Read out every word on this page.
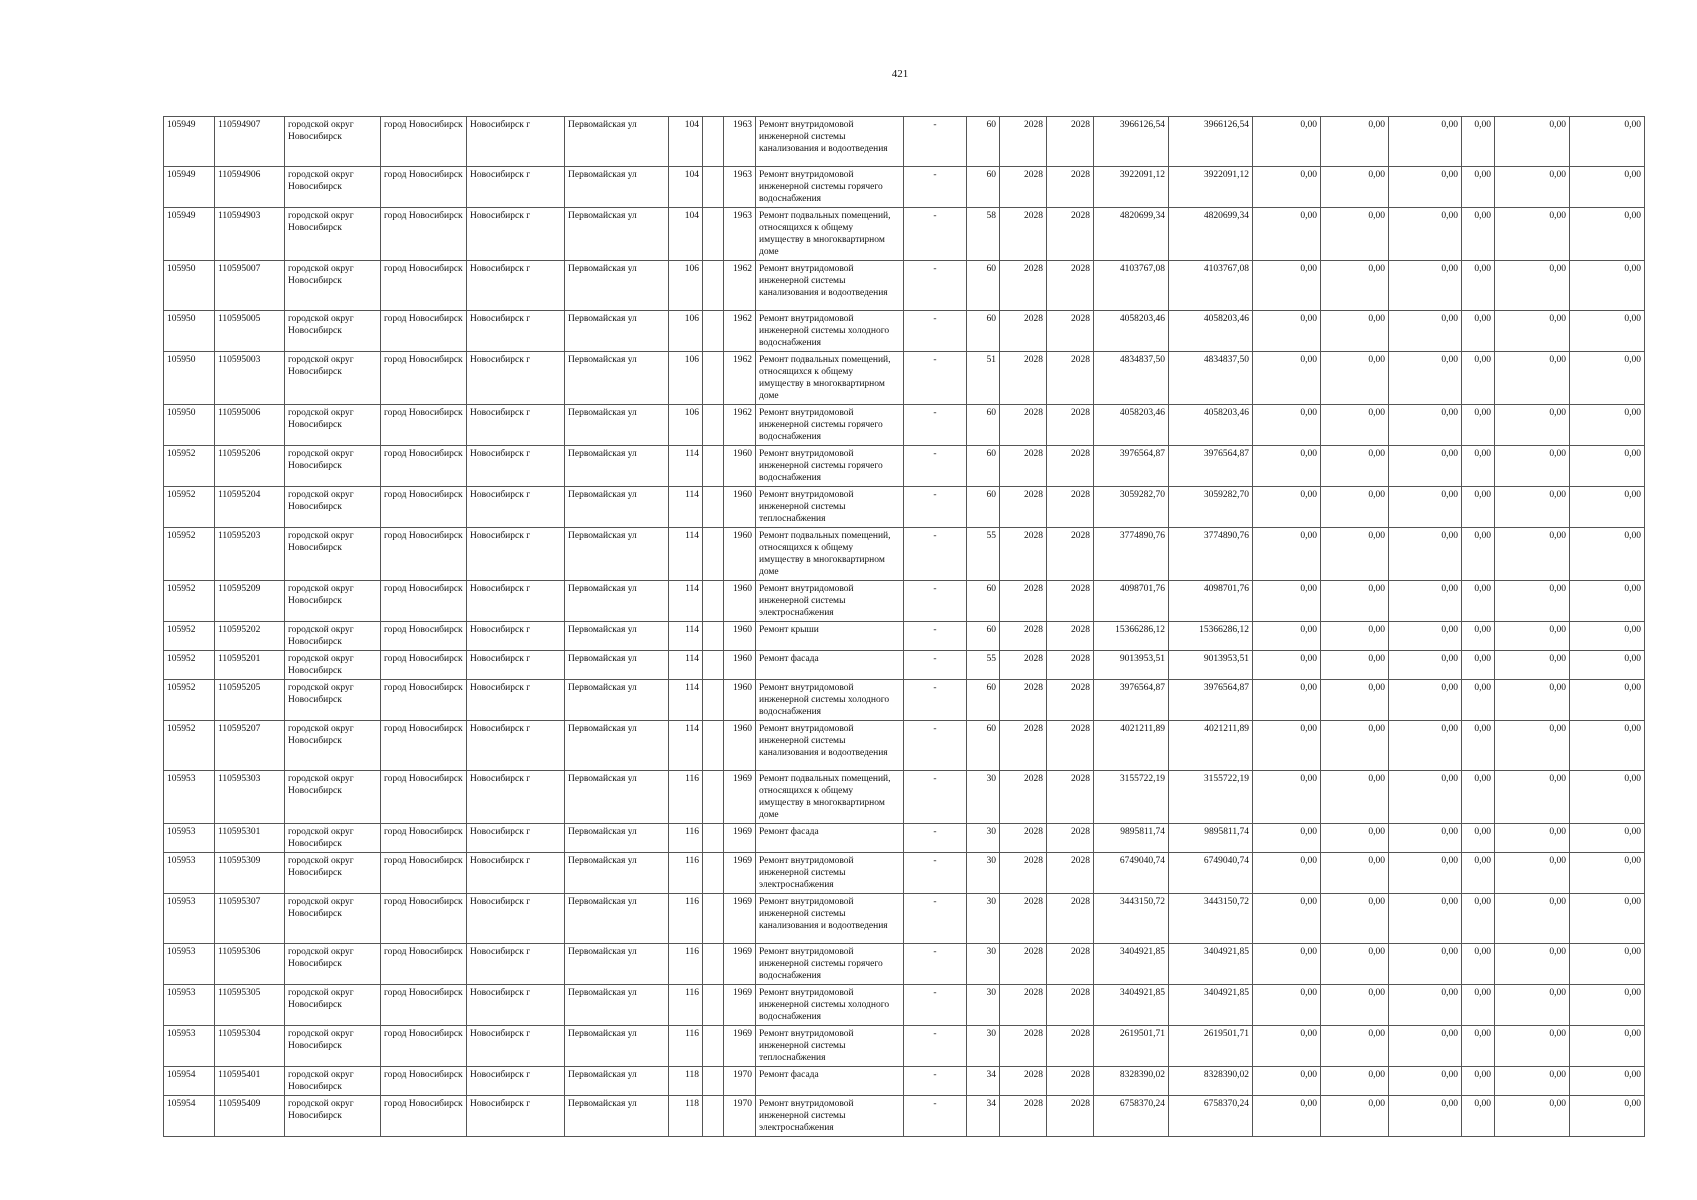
421
105949	110594907	городской округ Новосибирск	город Новосибирск	Новосибирск г	Первомайская ул	104		1963	Ремонт внутридомовой инженерной системы канализования и водоотведения	-	60	2028	2028	3966126,54	3966126,54	0,00	0,00	0,00	0,00	0,00	0,00
105949	110594906	городской округ Новосибирск	город Новосибирск	Новосибирск г	Первомайская ул	104		1963	Ремонт внутридомовой инженерной системы горячего водоснабжения	-	60	2028	2028	3922091,12	3922091,12	0,00	0,00	0,00	0,00	0,00	0,00
105949	110594903	городской округ Новосибирск	город Новосибирск	Новосибирск г	Первомайская ул	104		1963	Ремонт подвальных помещений, относящихся к общему имуществу в многоквартирном доме	-	58	2028	2028	4820699,34	4820699,34	0,00	0,00	0,00	0,00	0,00	0,00
105950	110595007	городской округ Новосибирск	город Новосибирск	Новосибирск г	Первомайская ул	106		1962	Ремонт внутридомовой инженерной системы канализования и водоотведения	-	60	2028	2028	4103767,08	4103767,08	0,00	0,00	0,00	0,00	0,00	0,00
105950	110595005	городской округ Новосибирск	город Новосибирск	Новосибирск г	Первомайская ул	106		1962	Ремонт внутридомовой инженерной системы холодного водоснабжения	-	60	2028	2028	4058203,46	4058203,46	0,00	0,00	0,00	0,00	0,00	0,00
105950	110595003	городской округ Новосибирск	город Новосибирск	Новосибирск г	Первомайская ул	106		1962	Ремонт подвальных помещений, относящихся к общему имуществу в многоквартирном доме	-	51	2028	2028	4834837,50	4834837,50	0,00	0,00	0,00	0,00	0,00	0,00
105950	110595006	городской округ Новосибирск	город Новосибирск	Новосибирск г	Первомайская ул	106		1962	Ремонт внутридомовой инженерной системы горячего водоснабжения	-	60	2028	2028	4058203,46	4058203,46	0,00	0,00	0,00	0,00	0,00	0,00
105952	110595206	городской округ Новосибирск	город Новосибирск	Новосибирск г	Первомайская ул	114		1960	Ремонт внутридомовой инженерной системы горячего водоснабжения	-	60	2028	2028	3976564,87	3976564,87	0,00	0,00	0,00	0,00	0,00	0,00
105952	110595204	городской округ Новосибирск	город Новосибирск	Новосибирск г	Первомайская ул	114		1960	Ремонт внутридомовой инженерной системы теплоснабжения	-	60	2028	2028	3059282,70	3059282,70	0,00	0,00	0,00	0,00	0,00	0,00
105952	110595203	городской округ Новосибирск	город Новосибирск	Новосибирск г	Первомайская ул	114		1960	Ремонт подвальных помещений, относящихся к общему имуществу в многоквартирном доме	-	55	2028	2028	3774890,76	3774890,76	0,00	0,00	0,00	0,00	0,00	0,00
105952	110595209	городской округ Новосибирск	город Новосибирск	Новосибирск г	Первомайская ул	114		1960	Ремонт внутридомовой инженерной системы электроснабжения	-	60	2028	2028	4098701,76	4098701,76	0,00	0,00	0,00	0,00	0,00	0,00
105952	110595202	городской округ Новосибирск	город Новосибирск	Новосибирск г	Первомайская ул	114		1960	Ремонт крыши	-	60	2028	2028	15366286,12	15366286,12	0,00	0,00	0,00	0,00	0,00	0,00
105952	110595201	городской округ Новосибирск	город Новосибирск	Новосибирск г	Первомайская ул	114		1960	Ремонт фасада	-	55	2028	2028	9013953,51	9013953,51	0,00	0,00	0,00	0,00	0,00	0,00
105952	110595205	городской округ Новосибирск	город Новосибирск	Новосибирск г	Первомайская ул	114		1960	Ремонт внутридомовой инженерной системы холодного водоснабжения	-	60	2028	2028	3976564,87	3976564,87	0,00	0,00	0,00	0,00	0,00	0,00
105952	110595207	городской округ Новосибирск	город Новосибирск	Новосибирск г	Первомайская ул	114		1960	Ремонт внутридомовой инженерной системы канализования и водоотведения	-	60	2028	2028	4021211,89	4021211,89	0,00	0,00	0,00	0,00	0,00	0,00
105953	110595303	городской округ Новосибирск	город Новосибирск	Новосибирск г	Первомайская ул	116		1969	Ремонт подвальных помещений, относящихся к общему имуществу в многоквартирном доме	-	30	2028	2028	3155722,19	3155722,19	0,00	0,00	0,00	0,00	0,00	0,00
105953	110595301	городской округ Новосибирск	город Новосибирск	Новосибирск г	Первомайская ул	116		1969	Ремонт фасада	-	30	2028	2028	9895811,74	9895811,74	0,00	0,00	0,00	0,00	0,00	0,00
105953	110595309	городской округ Новосибирск	город Новосибирск	Новосибирск г	Первомайская ул	116		1969	Ремонт внутридомовой инженерной системы электроснабжения	-	30	2028	2028	6749040,74	6749040,74	0,00	0,00	0,00	0,00	0,00	0,00
105953	110595307	городской округ Новосибирск	город Новосибирск	Новосибирск г	Первомайская ул	116		1969	Ремонт внутридомовой инженерной системы канализования и водоотведения	-	30	2028	2028	3443150,72	3443150,72	0,00	0,00	0,00	0,00	0,00	0,00
105953	110595306	городской округ Новосибирск	город Новосибирск	Новосибирск г	Первомайская ул	116		1969	Ремонт внутридомовой инженерной системы горячего водоснабжения	-	30	2028	2028	3404921,85	3404921,85	0,00	0,00	0,00	0,00	0,00	0,00
105953	110595305	городской округ Новосибирск	город Новосибирск	Новосибирск г	Первомайская ул	116		1969	Ремонт внутридомовой инженерной системы холодного водоснабжения	-	30	2028	2028	3404921,85	3404921,85	0,00	0,00	0,00	0,00	0,00	0,00
105953	110595304	городской округ Новосибирск	город Новосибирск	Новосибирск г	Первомайская ул	116		1969	Ремонт внутридомовой инженерной системы теплоснабжения	-	30	2028	2028	2619501,71	2619501,71	0,00	0,00	0,00	0,00	0,00	0,00
105954	110595401	городской округ Новосибирск	город Новосибирск	Новосибирск г	Первомайская ул	118		1970	Ремонт фасада	-	34	2028	2028	8328390,02	8328390,02	0,00	0,00	0,00	0,00	0,00	0,00
105954	110595409	городской округ Новосибирск	город Новосибирск	Новосибирск г	Первомайская ул	118		1970	Ремонт внутридомовой инженерной системы электроснабжения	-	34	2028	2028	6758370,24	6758370,24	0,00	0,00	0,00	0,00	0,00	0,00
